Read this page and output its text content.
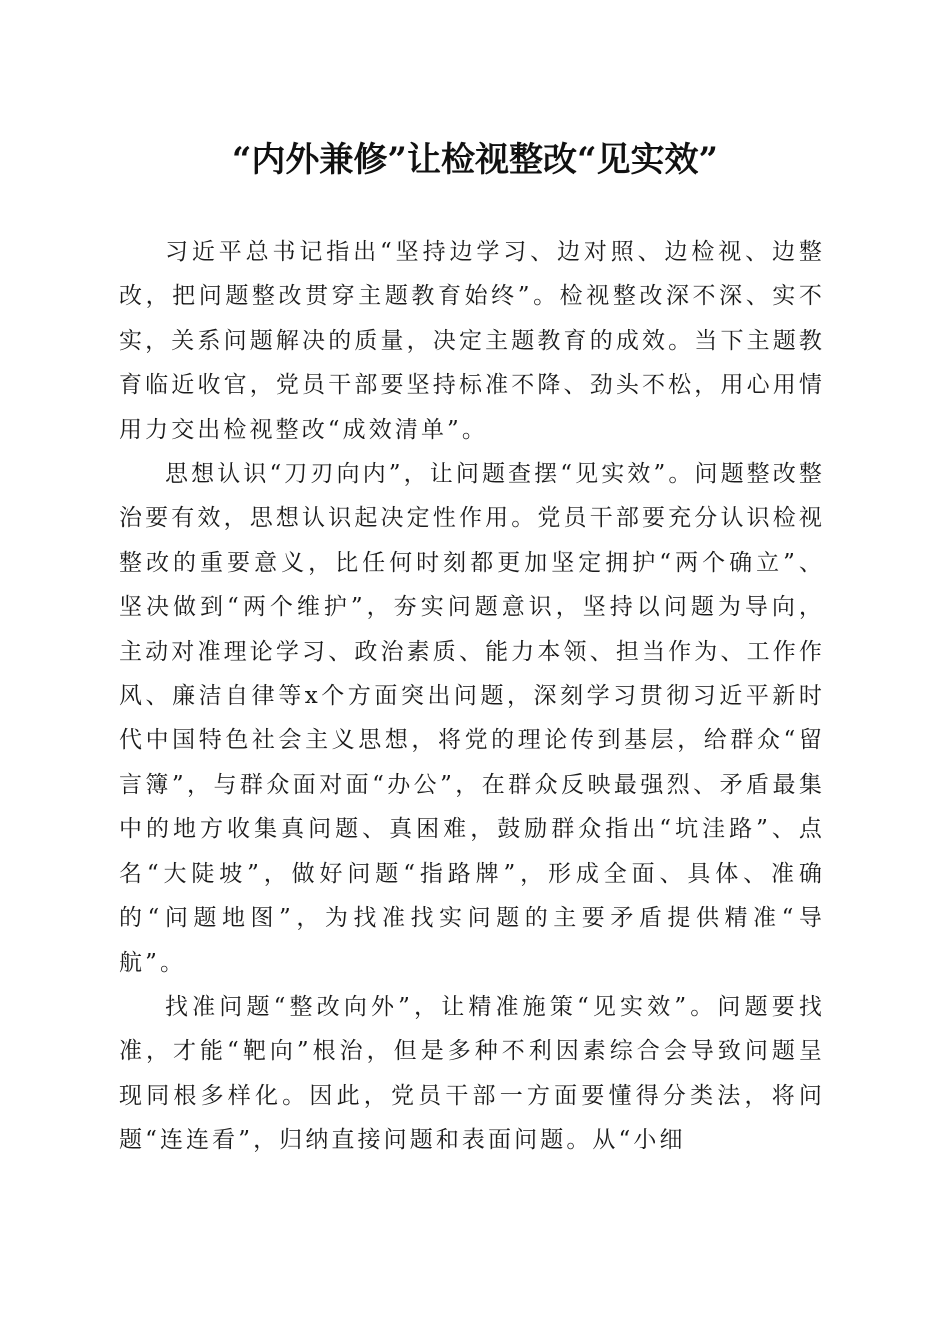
“内外兼修”让检视整改“见实效”

习近平总书记指出“坚持边学习、边对照、边检视、边整改，把问题整改贯穿主题教育始终”。检视整改深不深、实不实，关系问题解决的质量，决定主题教育的成效。当下主题教育临近收官，党员干部要坚持标准不降、劲头不松，用心用情用力交出检视整改“成效清单”。

思想认识“刀刃向内”，让问题查摆“见实效”。问题整改整治要有效，思想认识起决定性作用。党员干部要充分认识检视整改的重要意义，比任何时刻都更加坚定拥护“两个确立”、坚决做到“两个维护”，夯实问题意识，坚持以问题为导向，主动对准理论学习、政治素质、能力本领、担当作为、工作作风、廉洁自律等x个方面突出问题，深刻学习贯彻习近平新时代中国特色社会主义思想，将党的理论传到基层，给群众“留言簿”，与群众面对面“办公”，在群众反映最强烈、矛盾最集中的地方收集真问题、真困难，鼓励群众指出“坑洼路”、点名“大陡坡”，做好问题“指路牌”，形成全面、具体、准确的“问题地图”，为找准找实问题的主要矛盾提供精准“导航”。

找准问题“整改向外”，让精准施策“见实效”。问题要找准，才能“靶向”根治，但是多种不利因素综合会导致问题呈现同根多样化。因此，党员干部一方面要懂得分类法，将问题“连连看”，归纳直接问题和表面问题。从“小细
